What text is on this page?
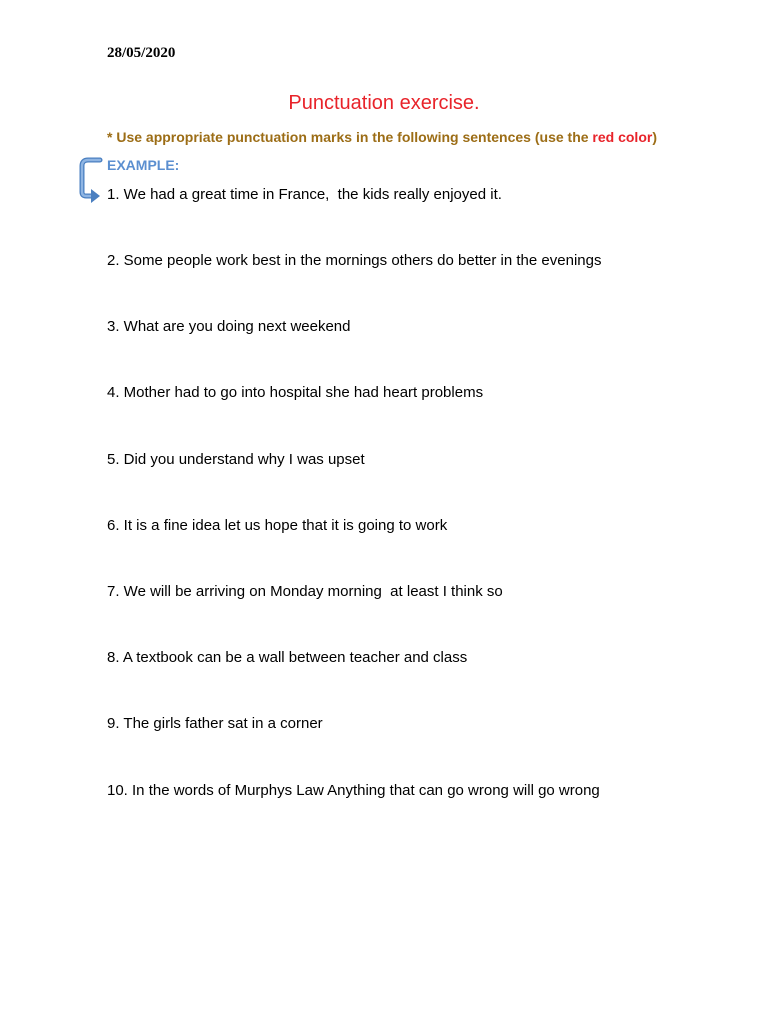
28/05/2020
Punctuation exercise.
* Use appropriate punctuation marks in the following sentences (use the red color)
EXAMPLE:
1. We had a great time in France,  the kids really enjoyed it.
2. Some people work best in the mornings others do better in the evenings
3. What are you doing next weekend
4. Mother had to go into hospital she had heart problems
5. Did you understand why I was upset
6. It is a fine idea let us hope that it is going to work
7. We will be arriving on Monday morning  at least I think so
8. A textbook can be a wall between teacher and class
9. The girls father sat in a corner
10. In the words of Murphys Law Anything that can go wrong will go wrong
